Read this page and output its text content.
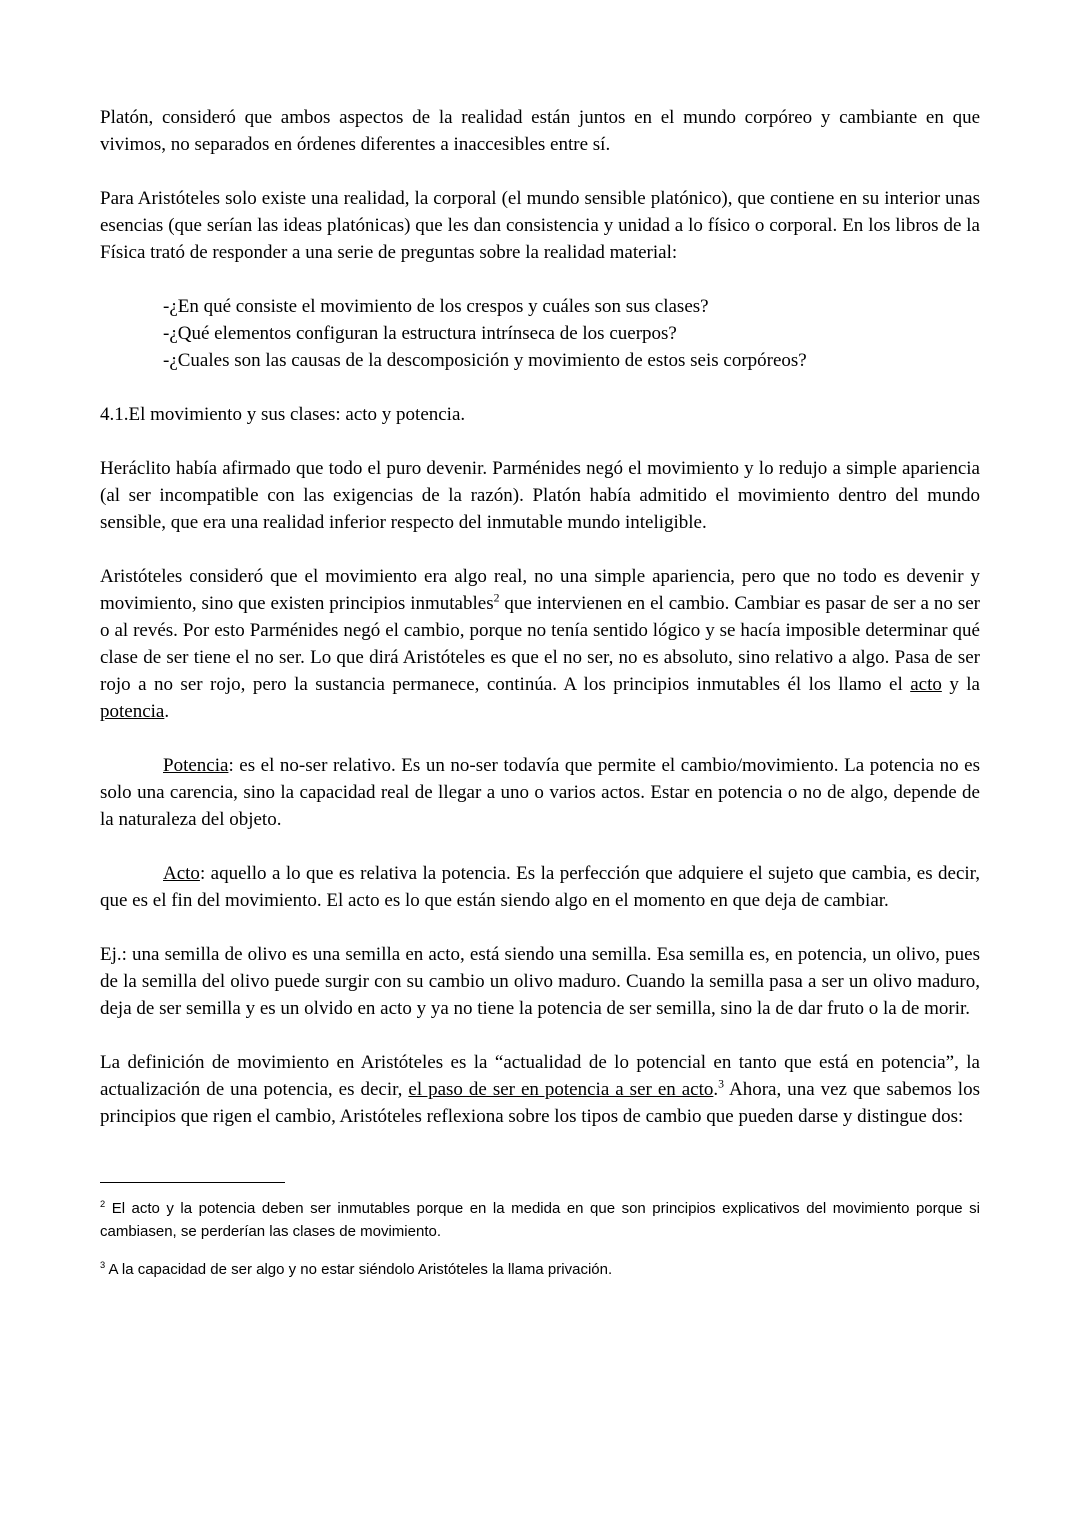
Platón, consideró que ambos aspectos de la realidad están juntos en el mundo corpóreo y cambiante en que vivimos, no separados en órdenes diferentes a inaccesibles entre sí.

Para Aristóteles solo existe una realidad, la corporal (el mundo sensible platónico), que contiene en su interior unas esencias (que serían las ideas platónicas) que les dan consistencia y unidad a lo físico o corporal. En los libros de la Física trató de responder a una serie de preguntas sobre la realidad material:

-¿En qué consiste el movimiento de los crespos y cuáles son sus clases?

-¿Qué elementos configuran la estructura intrínseca de los cuerpos?

-¿Cuales son las causas de la descomposición y movimiento de estos seis corpóreos?

4.1.El movimiento y sus clases: acto y potencia.

Heráclito había afirmado que todo el puro devenir. Parménides negó el movimiento y lo redujo a simple apariencia (al ser incompatible con las exigencias de la razón). Platón había admitido el movimiento dentro del mundo sensible, que era una realidad inferior respecto del inmutable mundo inteligible.

Aristóteles consideró que el movimiento era algo real, no una simple apariencia, pero que no todo es devenir y movimiento, sino que existen principios inmutables$^2$ que intervienen en el cambio. Cambiar es pasar de ser a no ser o al revés. Por esto Parménides negó el cambio, porque no tenía sentido lógico y se hacía imposible determinar qué clase de ser tiene el no ser. Lo que dirá Aristóteles es que el no ser, no es absoluto, sino relativo a algo. Pasa de ser rojo a no ser rojo, pero la sustancia permanece, continúa. A los principios inmutables él los llamo el acto y la potencia.

Potencia: es el no-ser relativo. Es un no-ser todavía que permite el cambio/movimiento. La potencia no es solo una carencia, sino la capacidad real de llegar a uno o varios actos. Estar en potencia o no de algo, depende de la naturaleza del objeto.

Acto: aquello a lo que es relativa la potencia. Es la perfección que adquiere el sujeto que cambia, es decir, que es el fin del movimiento. El acto es lo que están siendo algo en el momento en que deja de cambiar.

Ej.: una semilla de olivo es una semilla en acto, está siendo una semilla. Esa semilla es, en potencia, un olivo, pues de la semilla del olivo puede surgir con su cambio un olivo maduro. Cuando la semilla pasa a ser un olivo maduro, deja de ser semilla y es un olvido en acto y ya no tiene la potencia de ser semilla, sino la de dar fruto o la de morir.

La definición de movimiento en Aristóteles es la “actualidad de lo potencial en tanto que está en potencia”, la actualización de una potencia, es decir, el paso de ser en potencia a ser en acto.$^3$ Ahora, una vez que sabemos los principios que rigen el cambio, Aristóteles reflexiona sobre los tipos de cambio que pueden darse y distingue dos:

$^2$ El acto y la potencia deben ser inmutables porque en la medida en que son principios explicativos del movimiento porque si cambiasen, se perderían las clases de movimiento.

$^3$ A la capacidad de ser algo y no estar siéndolo Aristóteles la llama privación.
